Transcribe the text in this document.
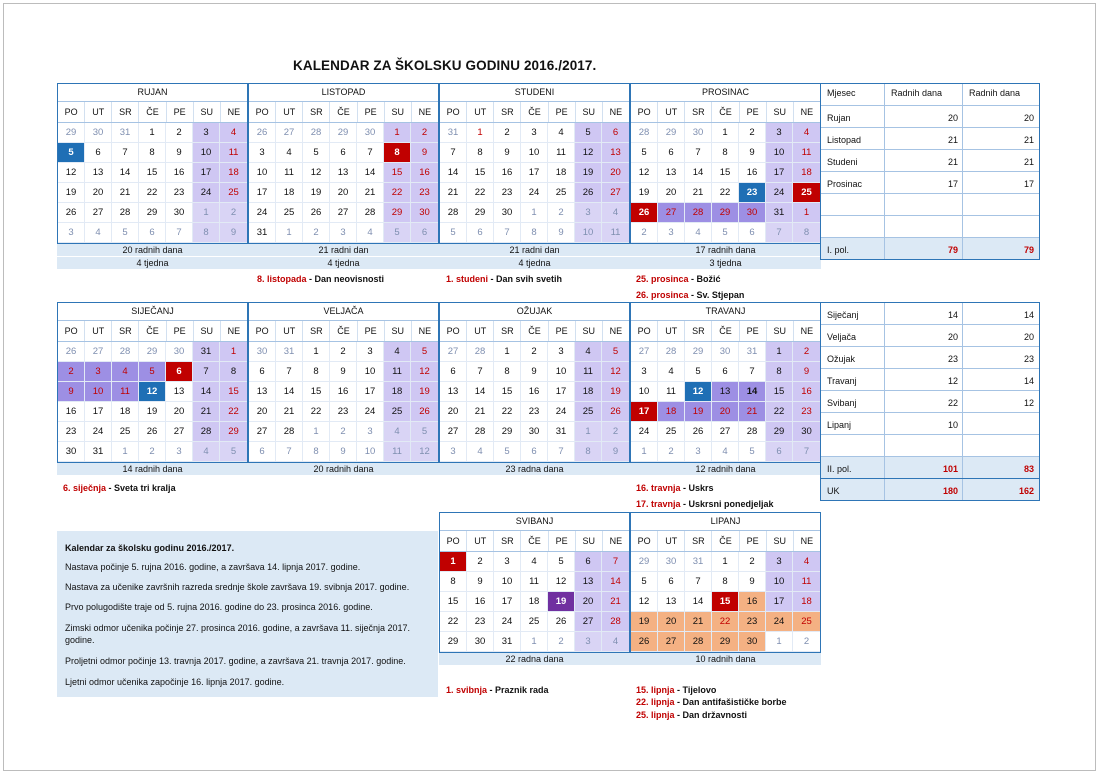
KALENDAR ZA ŠKOLSKU GODINU 2016./2017.
RUJAN
PO	UT	SR	ČE	PE	SU	NE
29	30	31	1	2	3	4
5	6	7	8	9	10	11
12	13	14	15	16	17	18
19	20	21	22	23	24	25
26	27	28	29	30	1	2
3	4	5	6	7	8	9
20 radnih dana
4 tjedna
LISTOPAD
PO	UT	SR	ČE	PE	SU	NE
26	27	28	29	30	1	2
3	4	5	6	7	8	9
10	11	12	13	14	15	16
17	18	19	20	21	22	23
24	25	26	27	28	29	30
31	1	2	3	4	5	6
21 radni dan
4 tjedna
STUDENI
PO	UT	SR	ČE	PE	SU	NE
31	1	2	3	4	5	6
7	8	9	10	11	12	13
14	15	16	17	18	19	20
21	22	23	24	25	26	27
28	29	30	1	2	3	4
5	6	7	8	9	10	11
21 radni dan
4 tjedna
PROSINAC
PO	UT	SR	ČE	PE	SU	NE
28	29	30	1	2	3	4
5	6	7	8	9	10	11
12	13	14	15	16	17	18
19	20	21	22	23	24	25
26	27	28	29	30	31	1
2	3	4	5	6	7	8
17 radnih dana
3 tjedna
SIJEČANJ
PO	UT	SR	ČE	PE	SU	NE
26	27	28	29	30	31	1
2	3	4	5	6	7	8
9	10	11	12	13	14	15
16	17	18	19	20	21	22
23	24	25	26	27	28	29
30	31	1	2	3	4	5
14 radnih dana
VELJAČA
PO	UT	SR	ČE	PE	SU	NE
30	31	1	2	3	4	5
6	7	8	9	10	11	12
13	14	15	16	17	18	19
20	21	22	23	24	25	26
27	28	1	2	3	4	5
6	7	8	9	10	11	12
20 radnih dana
OŽUJAK
PO	UT	SR	ČE	PE	SU	NE
27	28	1	2	3	4	5
6	7	8	9	10	11	12
13	14	15	16	17	18	19
20	21	22	23	24	25	26
27	28	29	30	31	1	2
3	4	5	6	7	8	9
23 radna dana
TRAVANJ
PO	UT	SR	ČE	PE	SU	NE
27	28	29	30	31	1	2
3	4	5	6	7	8	9
10	11	12	13	14	15	16
17	18	19	20	21	22	23
24	25	26	27	28	29	30
1	2	3	4	5	6	7
12 radnih dana
SVIBANJ
PO	UT	SR	ČE	PE	SU	NE
1	2	3	4	5	6	7
8	9	10	11	12	13	14
15	16	17	18	19	20	21
22	23	24	25	26	27	28
29	30	31	1	2	3	4
22 radna dana
LIPANJ
PO	UT	SR	ČE	PE	SU	NE
29	30	31	1	2	3	4
5	6	7	8	9	10	11
12	13	14	15	16	17	18
19	20	21	22	23	24	25
26	27	28	29	30	1	2
10 radnih dana
8. listopada - Dan neovisnosti	1. studeni - Dan svih svetih	25. prosinca - Božić
26. prosinca - Sv. Stjepan
6. siječnja - Sveta tri kralja	16. travnja - Uskrs
17. travnja - Uskrsni ponedjeljak
1. svibnja - Praznik rada	15. lipnja - Tijelovo
22. lipnja - Dan antifašističke borbe
25. lipnja - Dan državnosti
Mjesec	Radnih dana	Radnih dana
Rujan	20	20
Listopad	21	21
Studeni	21	21
Prosinac	17	17
I. pol.	79	79
Siječanj	14	14
Veljača	20	20
Ožujak	23	23
Travanj	12	14
Svibanj	22	12
Lipanj	10
II. pol.	101	83
UK	180	162

Kalendar za školsku godinu 2016./2017.

Nastava počinje 5. rujna 2016. godine, a završava 14. lipnja 2017. godine.

Nastava za učenike završnih razreda srednje škole završava 19. svibnja 2017. godine.

Prvo polugodište traje od 5. rujna 2016. godine do 23. prosinca 2016. godine.

Zimski odmor učenika počinje 27. prosinca 2016. godine, a završava 11. siječnja 2017. godine.

Proljetni odmor počinje 13. travnja 2017. godine, a završava 21. travnja 2017. godine.

Ljetni odmor učenika započinje 16. lipnja 2017. godine.
